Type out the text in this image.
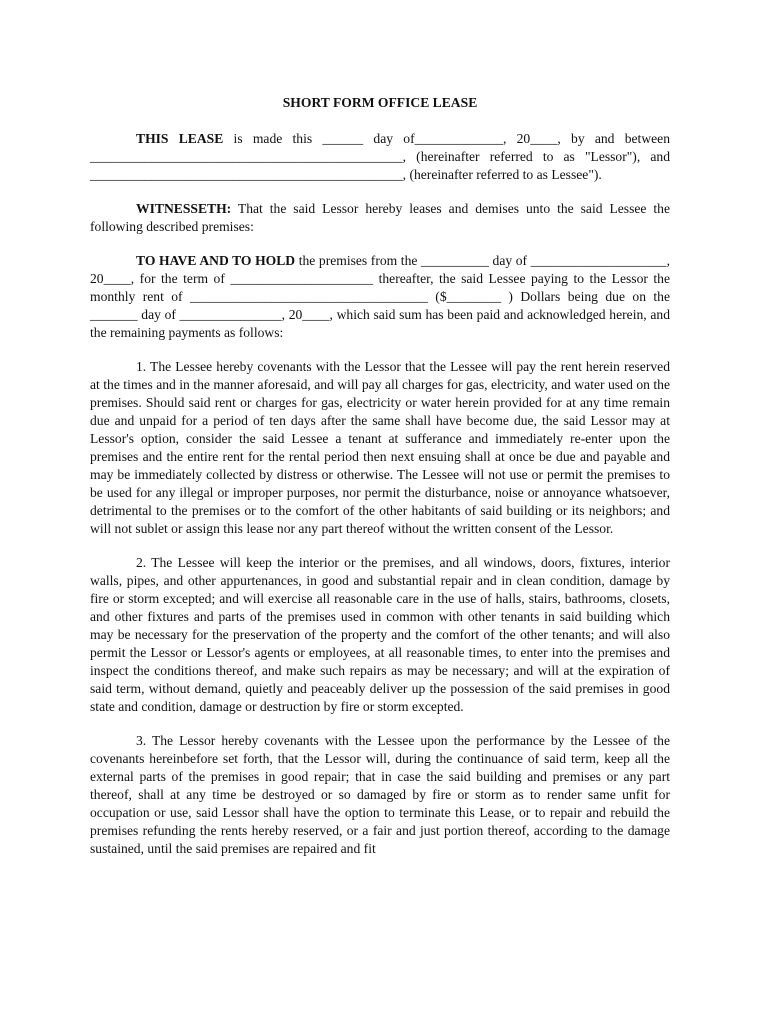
SHORT FORM OFFICE LEASE

THIS LEASE is made this ______ day of_____________, 20____, by and between ______________________________________________, (hereinafter referred to as "Lessor"), and ______________________________________________, (hereinafter referred to as Lessee").

WITNESSETH: That the said Lessor hereby leases and demises unto the said Lessee the following described premises:

TO HAVE AND TO HOLD the premises from the __________ day of ____________________, 20____, for the term of _____________________ thereafter, the said Lessee paying to the Lessor the monthly rent of ___________________________________ ($________ ) Dollars being due on the _______ day of _______________, 20____, which said sum has been paid and acknowledged herein, and the remaining payments as follows:

1. The Lessee hereby covenants with the Lessor that the Lessee will pay the rent herein reserved at the times and in the manner aforesaid, and will pay all charges for gas, electricity, and water used on the premises. Should said rent or charges for gas, electricity or water herein provided for at any time remain due and unpaid for a period of ten days after the same shall have become due, the said Lessor may at Lessor's option, consider the said Lessee a tenant at sufferance and immediately re-enter upon the premises and the entire rent for the rental period then next ensuing shall at once be due and payable and may be immediately collected by distress or otherwise. The Lessee will not use or permit the premises to be used for any illegal or improper purposes, nor permit the disturbance, noise or annoyance whatsoever, detrimental to the premises or to the comfort of the other habitants of said building or its neighbors; and will not sublet or assign this lease nor any part thereof without the written consent of the Lessor.

2. The Lessee will keep the interior or the premises, and all windows, doors, fixtures, interior walls, pipes, and other appurtenances, in good and substantial repair and in clean condition, damage by fire or storm excepted; and will exercise all reasonable care in the use of halls, stairs, bathrooms, closets, and other fixtures and parts of the premises used in common with other tenants in said building which may be necessary for the preservation of the property and the comfort of the other tenants; and will also permit the Lessor or Lessor's agents or employees, at all reasonable times, to enter into the premises and inspect the conditions thereof, and make such repairs as may be necessary; and will at the expiration of said term, without demand, quietly and peaceably deliver up the possession of the said premises in good state and condition, damage or destruction by fire or storm excepted.

3. The Lessor hereby covenants with the Lessee upon the performance by the Lessee of the covenants hereinbefore set forth, that the Lessor will, during the continuance of said term, keep all the external parts of the premises in good repair; that in case the said building and premises or any part thereof, shall at any time be destroyed or so damaged by fire or storm as to render same unfit for occupation or use, said Lessor shall have the option to terminate this Lease, or to repair and rebuild the premises refunding the rents hereby reserved, or a fair and just portion thereof, according to the damage sustained, until the said premises are repaired and fit
